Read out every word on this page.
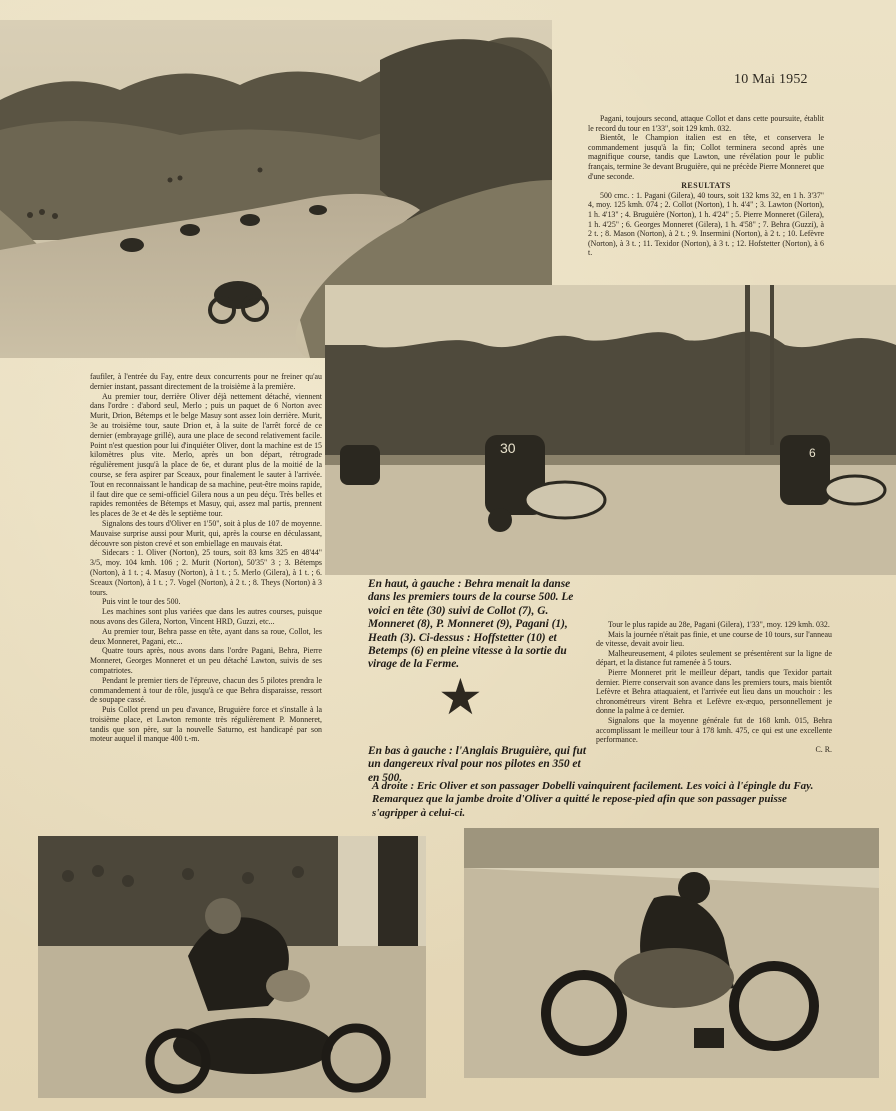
10 Mai 1952

Pagani, toujours second, attaque Collot et dans cette poursuite, établit le record du tour en 1'33", soit 129 kmh. 032.

Bientôt, le Champion italien est en tête, et conservera le commandement jusqu'à la fin; Collot terminera second après une magnifique course, tandis que Lawton, une révélation pour le public français, termine 3e devant Bruguière, qui ne précède Pierre Monneret que d'une seconde.

RESULTATS

500 cmc. : 1. Pagani (Gilera), 40 tours, soit 132 kms 32, en 1 h. 3'37" 4, moy. 125 kmh. 074 ; 2. Collot (Norton), 1 h. 4'4" ; 3. Lawton (Norton), 1 h. 4'13" ; 4. Bruguière (Norton), 1 h. 4'24" ; 5. Pierre Monneret (Gilera), 1 h. 4'25" ; 6. Georges Monneret (Gilera), 1 h. 4'58" ; 7. Behra (Guzzi), à 2 t. ; 8. Mason (Norton), à 2 t. ; 9. Insermini (Norton), à 2 t. ; 10. Lefèvre (Norton), à 3 t. ; 11. Texidor (Norton), à 3 t. ; 12. Hofstetter (Norton), à 6 t.

30	6

faufiler, à l'entrée du Fay, entre deux concurrents pour ne freiner qu'au dernier instant, passant directement de la troisième à la première.

Au premier tour, derrière Oliver déjà nettement détaché, viennent dans l'ordre : d'abord seul, Merlo ; puis un paquet de 6 Norton avec Murit, Drion, Bétemps et le belge Masuy sont assez loin derrière. Murit, 3e au troisième tour, saute Drion et, à la suite de l'arrêt forcé de ce dernier (embrayage grillé), aura une place de second relativement facile. Point n'est question pour lui d'inquiéter Oliver, dont la machine est de 15 kilomètres plus vite. Merlo, après un bon départ, rétrograde régulièrement jusqu'à la place de 6e, et durant plus de la moitié de la course, se fera aspirer par Sceaux, pour finalement le sauter à l'arrivée. Tout en reconnaissant le handicap de sa machine, peut-être moins rapide, il faut dire que ce semi-officiel Gilera nous a un peu déçu. Très belles et rapides remontées de Bétemps et Masuy, qui, assez mal partis, prennent les places de 3e et 4e dès le septième tour.

Signalons des tours d'Oliver en 1'50", soit à plus de 107 de moyenne. Mauvaise surprise aussi pour Murit, qui, après la course en déculassant, découvre son piston crevé et son embiellage en mauvais état.

Sidecars : 1. Oliver (Norton), 25 tours, soit 83 kms 325 en 48'44" 3/5, moy. 104 kmh. 106 ; 2. Murit (Norton), 50'35" 3 ; 3. Bétemps (Norton), à 1 t. ; 4. Masuy (Norton), à 1 t. ; 5. Merlo (Gilera), à 1 t. ; 6. Sceaux (Norton), à 1 t. ; 7. Vogel (Norton), à 2 t. ; 8. Theys (Norton) à 3 tours.

Puis vint le tour des 500.

Les machines sont plus variées que dans les autres courses, puisque nous avons des Gilera, Norton, Vincent HRD, Guzzi, etc...

Au premier tour, Behra passe en tête, ayant dans sa roue, Collot, les deux Monneret, Pagani, etc...

Quatre tours après, nous avons dans l'ordre Pagani, Behra, Pierre Monneret, Georges Monneret et un peu détaché Lawton, suivis de ses compatriotes.

Pendant le premier tiers de l'épreuve, chacun des 5 pilotes prendra le commandement à tour de rôle, jusqu'à ce que Behra disparaisse, ressort de soupape cassé.

Puis Collot prend un peu d'avance, Bruguière force et s'installe à la troisième place, et Lawton remonte très régulièrement P. Monneret, tandis que son père, sur la nouvelle Saturno, est handicapé par son moteur auquel il manque 400 t.-m.

En haut, à gauche : Behra menait la danse dans les premiers tours de la course 500. Le voici en tête (30) suivi de Collot (7), G. Monneret (8), P. Monneret (9), Pagani (1), Heath (3). Ci-dessus : Hoffstetter (10) et Betemps (6) en pleine vitesse à la sortie du virage de la Ferme.

Tour le plus rapide au 28e, Pagani (Gilera), 1'33", moy. 129 kmh. 032.

Mais la journée n'était pas finie, et une course de 10 tours, sur l'anneau de vitesse, devait avoir lieu.

Malheureusement, 4 pilotes seulement se présentèrent sur la ligne de départ, et la distance fut ramenée à 5 tours.

Pierre Monneret prit le meilleur départ, tandis que Texidor partait dernier. Pierre conservait son avance dans les premiers tours, mais bientôt Lefèvre et Behra attaquaient, et l'arrivée eut lieu dans un mouchoir : les chronométreurs virent Behra et Lefèvre ex-æquo, personnellement je donne la palme à ce dernier.

Signalons que la moyenne générale fut de 168 kmh. 015, Behra accomplissant le meilleur tour à 178 kmh. 475, ce qui est une excellente performance.

C. R.

★
En bas à gauche : l'Anglais Bruguière, qui fut un dangereux rival pour nos pilotes en 350 et en 500.
A droite : Eric Oliver et son passager Dobelli vainquirent facilement. Les voici à l'épingle du Fay. Remarquez que la jambe droite d'Oliver a quitté le repose-pied afin que son passager puisse s'agripper à celui-ci.
